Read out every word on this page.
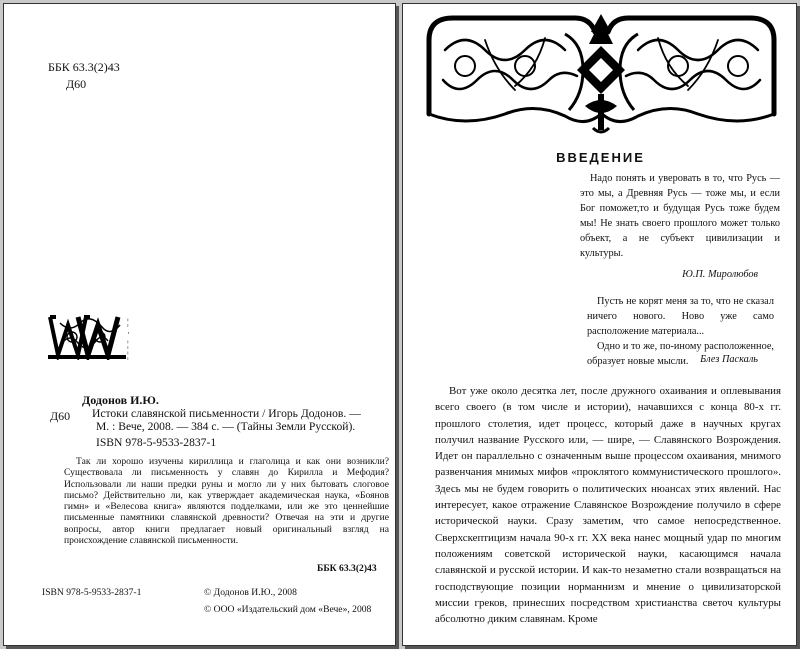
ББК 63.3(2)43
Д60
¦
·
¦
¦
Додонов И.Ю.
Д60	Истоки славянской письменности / Игорь Додонов. —
М. : Вече, 2008. — 384 с. — (Тайны Земли Русской).
ISBN 978-5-9533-2837-1
Так ли хорошо изучены кириллица и глаголица и как они возникли? Существовала ли письменность у славян до Кирилла и Мефодия? Использовали ли наши предки руны и могло ли у них бытовать слоговое письмо? Действительно ли, как утверждает академическая наука, «Боянов гимн» и «Велесова книга» являются подделками, или же это ценнейшие письменные памятники славянской древности? Отвечая на эти и другие вопросы, автор книги предлагает новый оригинальный взгляд на происхождение славянской письменности.
ББК 63.3(2)43
ISBN 978-5-9533-2837-1	© Додонов И.Ю., 2008
© ООО «Издательский дом «Вече», 2008
ВВЕДЕНИЕ

Надо понять и уверовать в то, что Русь — это мы, а Древняя Русь — тоже мы, и если Бог поможет,то и будущая Русь тоже будем мы! Не знать своего прошлого может только объект, а не субъект цивилизации и культуры.

Ю.П. Миролюбов

Пусть не корят меня за то, что не сказал ничего нового. Ново уже само расположение материала...

Одно и то же, по-иному расположенное, образует новые мысли.	Блез Паскаль
Вот уже около десятка лет, после дружного охаивания и оплевывания всего своего (в том числе и истории), начавшихся с конца 80-х гг. прошлого столетия, идет процесс, который даже в научных кругах получил название Русского или, — шире, — Славянского Возрождения. Идет он параллельно с означенным выше процессом охаивания, мнимого развенчания мнимых мифов «проклятого коммунистического прошлого». Здесь мы не будем говорить о политических нюансах этих явлений. Нас интересует, какое отражение Славянское Возрождение получило в сфере исторической науки. Сразу заметим, что самое непосредственное. Сверхскептицизм начала 90-х гг. XX века нанес мощный удар по многим положениям советской исторической науки, касающимся начала славянской и русской истории. И как-то незаметно стали возвращаться на господствующие позиции норманнизм и мнение о цивилизаторской миссии греков, принесших посредством христианства светоч культуры абсолютно диким славянам. Кроме
